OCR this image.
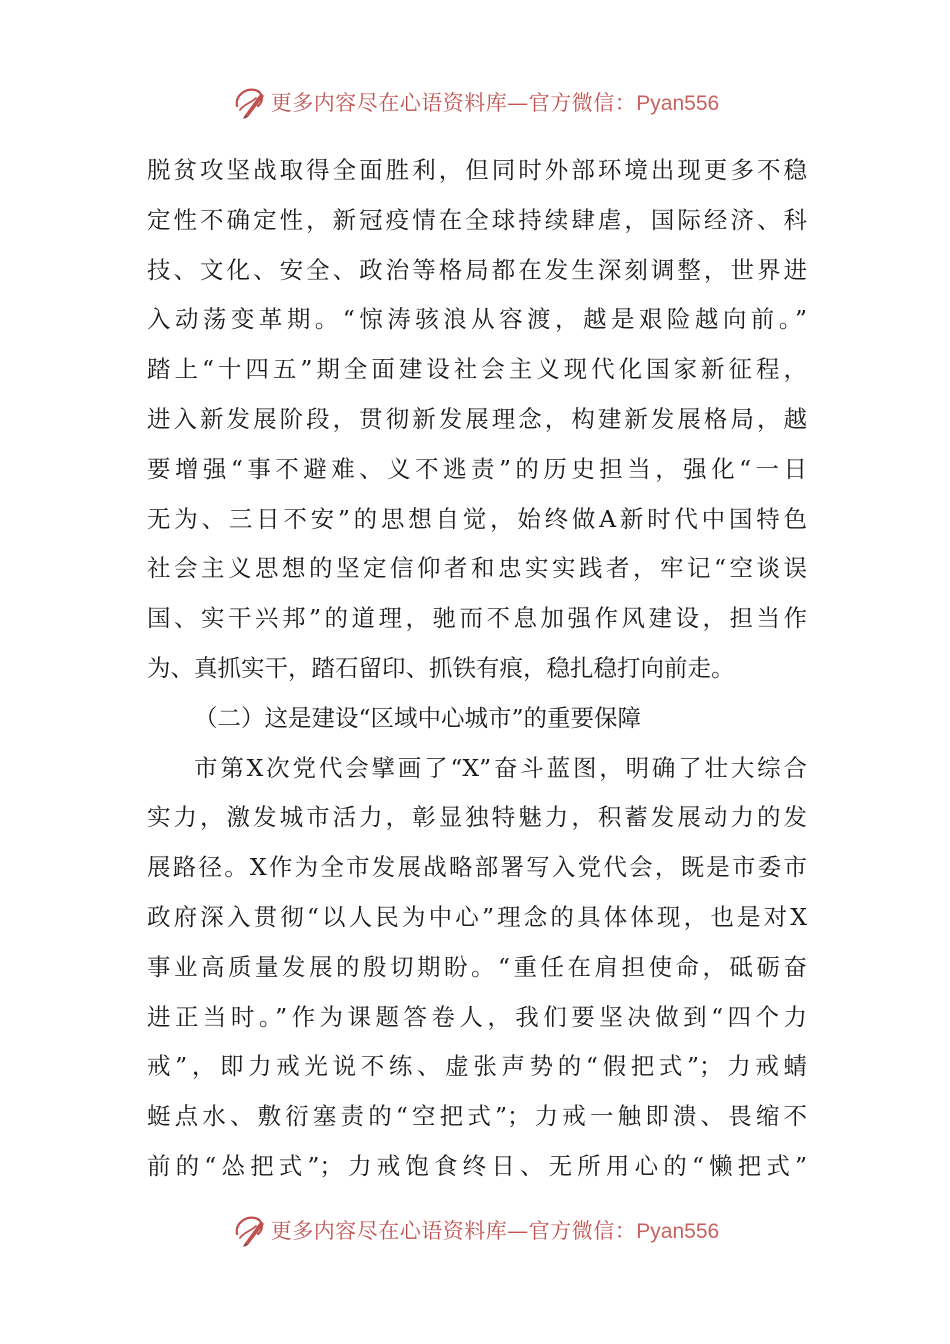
更多内容尽在心语资料库—官方微信：Pyan556
脱贫攻坚战取得全面胜利，但同时外部环境出现更多不稳
定性不确定性，新冠疫情在全球持续肆虐，国际经济、科
技、文化、安全、政治等格局都在发生深刻调整，世界进
入动荡变革期。“惊涛骇浪从容渡，越是艰险越向前。”
踏上“十四五”期全面建设社会主义现代化国家新征程，
进入新发展阶段，贯彻新发展理念，构建新发展格局，越
要增强“事不避难、义不逃责”的历史担当，强化“一日
无为、三日不安”的思想自觉，始终做A新时代中国特色
社会主义思想的坚定信仰者和忠实实践者，牢记“空谈误
国、实干兴邦”的道理，驰而不息加强作风建设，担当作
为、真抓实干，踏石留印、抓铁有痕，稳扎稳打向前走。
（二）这是建设“区域中心城市”的重要保障
市第X次党代会擘画了“X”奋斗蓝图，明确了壮大综合
实力，激发城市活力，彰显独特魅力，积蓄发展动力的发
展路径。X作为全市发展战略部署写入党代会，既是市委市
政府深入贯彻“以人民为中心”理念的具体体现，也是对X
事业高质量发展的殷切期盼。“重任在肩担使命，砥砺奋
进正当时。”作为课题答卷人，我们要坚决做到“四个力
戒”，即力戒光说不练、虚张声势的“假把式”；力戒蜻
蜓点水、敷衍塞责的“空把式”；力戒一触即溃、畏缩不
前的“怂把式”；力戒饱食终日、无所用心的“懒把式”
更多内容尽在心语资料库—官方微信：Pyan556
